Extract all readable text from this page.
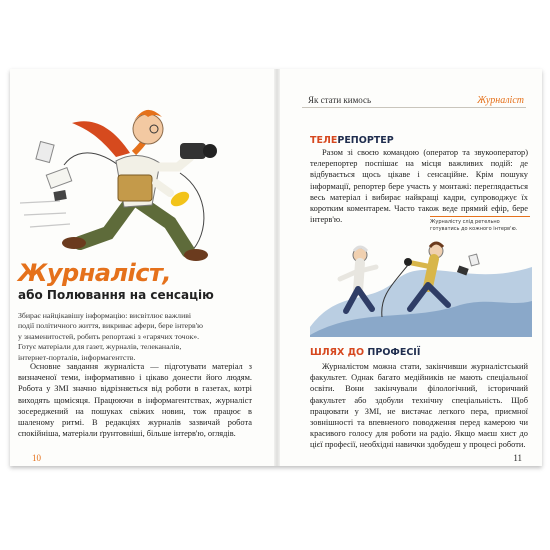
Журналіст,
або Полювання на сенсацію
Збирає найцікавішу інформацію: висвітлює важливі
події політичного життя, викриває афери, бере інтерв'ю
у знаменитостей, робить репортажі з «гарячих точок».
Готує матеріали для газет, журналів, телеканалів,
інтернет-порталів, інформагентств.

Основне завдання журналіста — підготувати матеріал з визначеної теми, інформативно і цікаво донести його людям. Робота у ЗМІ значно відрізняється від роботи в газетах, котрі виходять щомісяця. Працюючи в інформагентствах, журналіст зосереджений на пошуках свіжих новин, тож працює в шаленому ритмі. В редакціях журналів зазвичай робота спокійніша, матеріали ґрунтовніші, більше інтерв'ю, оглядів.

10
Як стати кимось	Журналіст
ТЕЛЕРЕПОРТЕР

Разом зі своєю командою (оператор та звукооператор) телерепортер поспішає на місця важливих подій: де відбувається щось цікаве і сенсаційне. Крім пошуку інформації, репортер бере участь у монтажі: переглядається весь матеріал і вибирає найкращі кадри, супроводжує їх коротким коментарем. Часто також веде прямий ефір, бере інтерв'ю.	Журналісту слід ретельно готуватись до кожного інтерв'ю.
ШЛЯХ ДО ПРОФЕСІЇ

Журналістом можна стати, закінчивши журналістський факультет. Однак багато медійників не мають спеціальної освіти. Вони закінчували філологічний, історичний факультет або здобули технічну спеціальність. Щоб працювати у ЗМІ, не вистачає легкого пера, приємної зовнішності та впевненого поводження перед камерою чи красивого голосу для роботи на радіо. Якщо маєш хист до цієї професії, необхідні навички здобудеш у процесі роботи.

11
